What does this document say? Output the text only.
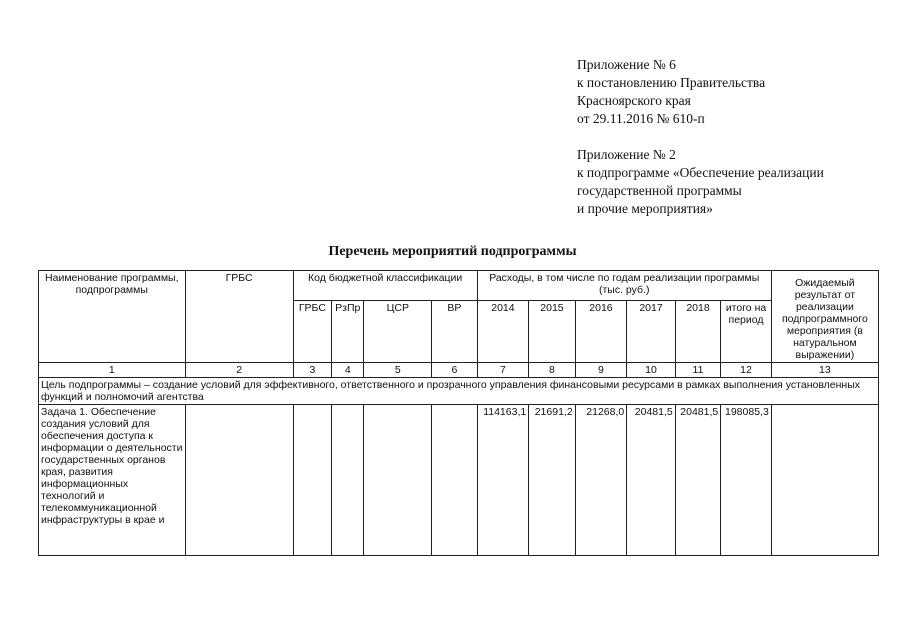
Приложение № 6
к постановлению Правительства
Красноярского края
от 29.11.2016 № 610-п
Приложение № 2
к подпрограмме «Обеспечение реализации
государственной программы
и прочие мероприятия»
Перечень мероприятий подпрограммы
Наименование программы, подпрограммы	ГРБС	Код бюджетной классификации				Расходы, в том числе по годам реализации программы (тыс. руб.)						Ожидаемый результат от реализации подпрограммного мероприятия (в натуральном выражении)
		ГРБС	РзПр	ЦСР	ВР	2014	2015	2016	2017	2018	итого на период	
1	2	3	4	5	6	7	8	9	10	11	12	13
Цель подпрограммы – создание условий для эффективного, ответственного и прозрачного управления финансовыми ресурсами в рамках выполнения установленных функций и полномочий агентства												
Задача 1. Обеспечение создания условий для обеспечения доступа к информации о деятельности государственных органов края, развития информационных технологий и телекоммуникационной инфраструктуры в крае и						114163,1	21691,2	21268,0	20481,5	20481,5	198085,3	
